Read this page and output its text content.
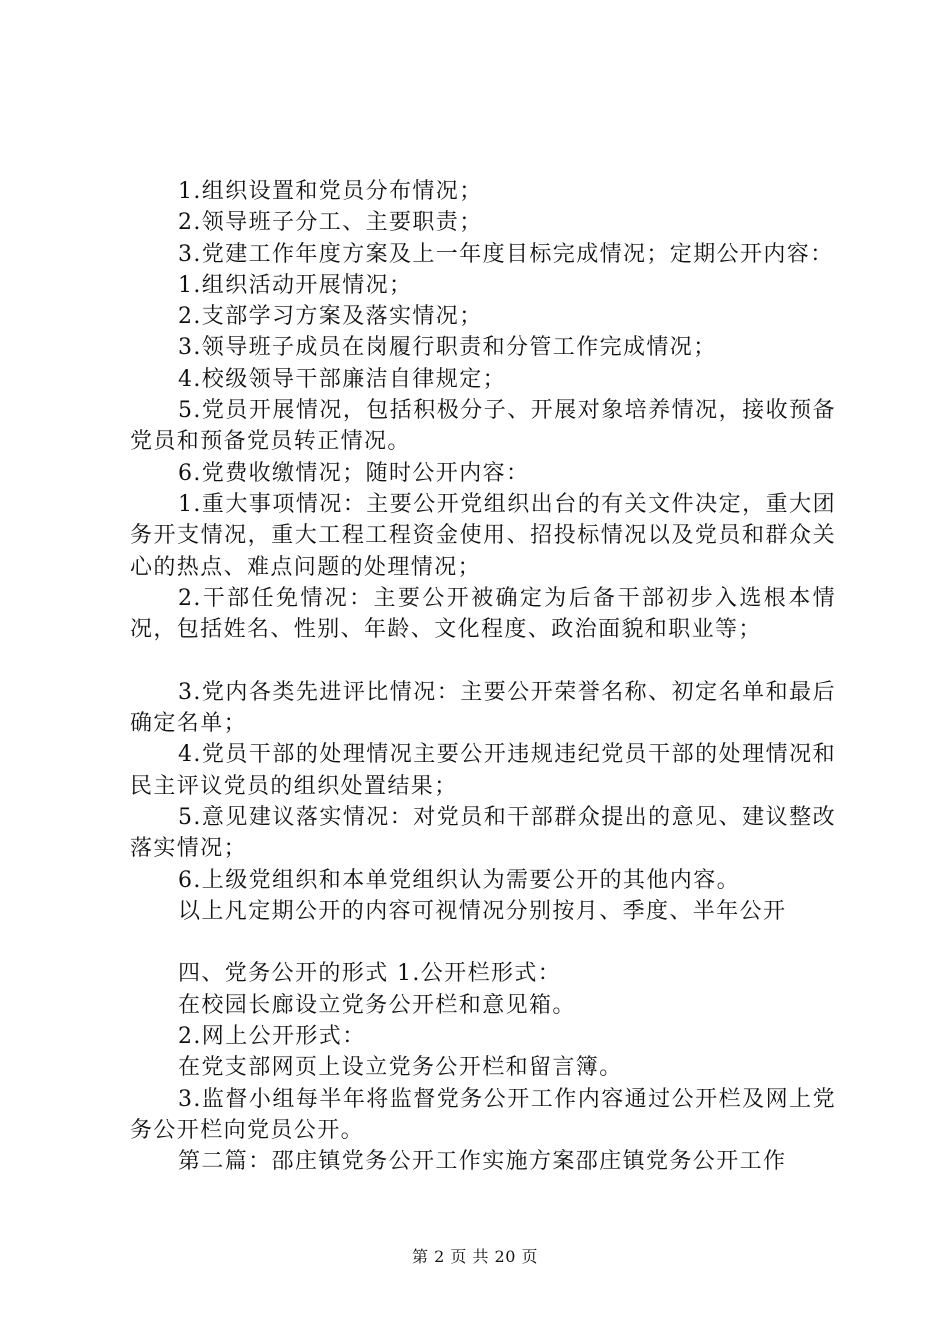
1.组织设置和党员分布情况；

2.领导班子分工、主要职责；

3.党建工作年度方案及上一年度目标完成情况；定期公开内容：

1.组织活动开展情况；

2.支部学习方案及落实情况；

3.领导班子成员在岗履行职责和分管工作完成情况；

4.校级领导干部廉洁自律规定；

5.党员开展情况，包括积极分子、开展对象培养情况，接收预备党员和预备党员转正情况。

6.党费收缴情况；随时公开内容：

1.重大事项情况：主要公开党组织出台的有关文件决定，重大团务开支情况，重大工程工程资金使用、招投标情况以及党员和群众关心的热点、难点问题的处理情况；

2.干部任免情况：主要公开被确定为后备干部初步入选根本情况，包括姓名、性别、年龄、文化程度、政治面貌和职业等；

3.党内各类先进评比情况：主要公开荣誉名称、初定名单和最后确定名单；

4.党员干部的处理情况主要公开违规违纪党员干部的处理情况和民主评议党员的组织处置结果；

5.意见建议落实情况：对党员和干部群众提出的意见、建议整改落实情况；

6.上级党组织和本单党组织认为需要公开的其他内容。

以上凡定期公开的内容可视情况分别按月、季度、半年公开

四、党务公开的形式 1.公开栏形式：

在校园长廊设立党务公开栏和意见箱。

2.网上公开形式：

在党支部网页上设立党务公开栏和留言簿。

3.监督小组每半年将监督党务公开工作内容通过公开栏及网上党务公开栏向党员公开。

第二篇：邵庄镇党务公开工作实施方案邵庄镇党务公开工作

第 2 页 共 20 页
